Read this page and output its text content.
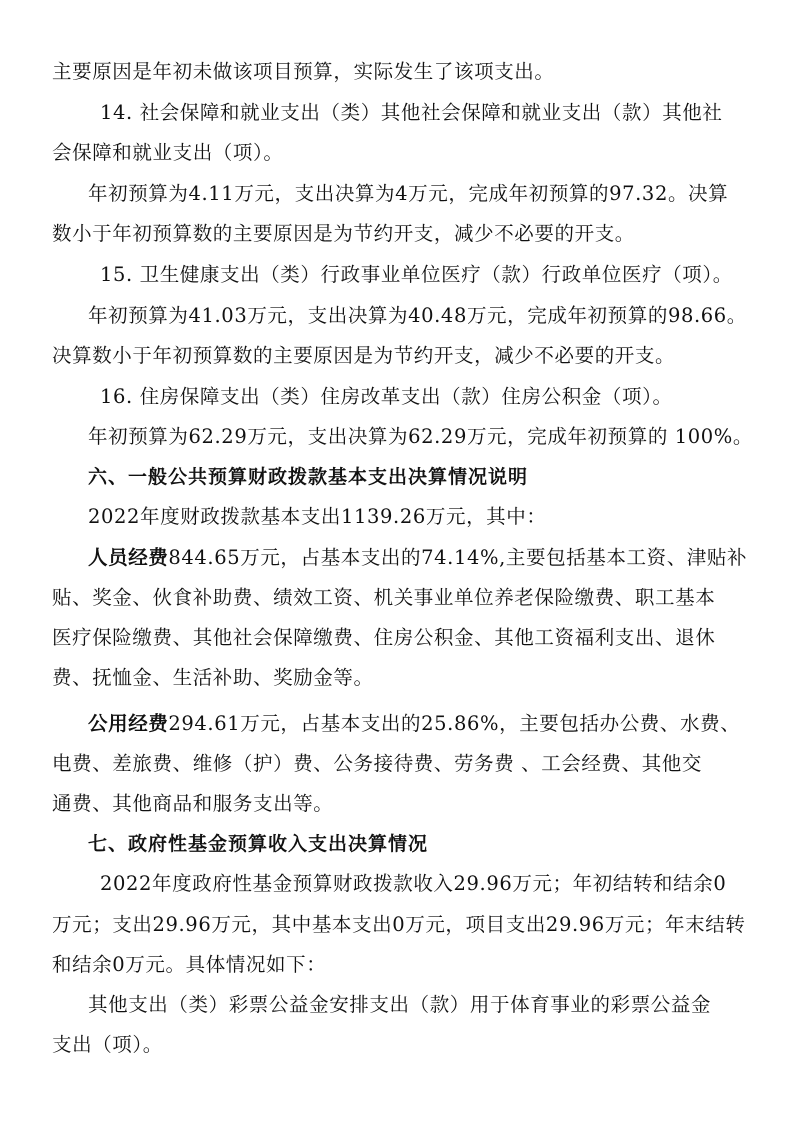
主要原因是年初未做该项目预算，实际发生了该项支出。
14. 社会保障和就业支出（类）其他社会保障和就业支出（款）其他社
会保障和就业支出（项）。
年初预算为4.11万元，支出决算为4万元，完成年初预算的97.32。决算
数小于年初预算数的主要原因是为节约开支，减少不必要的开支。
15. 卫生健康支出（类）行政事业单位医疗（款）行政单位医疗（项）。
年初预算为41.03万元，支出决算为40.48万元，完成年初预算的98.66。
决算数小于年初预算数的主要原因是为节约开支，减少不必要的开支。
16. 住房保障支出（类）住房改革支出（款）住房公积金（项）。
年初预算为62.29万元，支出决算为62.29万元，完成年初预算的 100%。
六、一般公共预算财政拨款基本支出决算情况说明
2022年度财政拨款基本支出1139.26万元，其中：
人员经费844.65万元，占基本支出的74.14%,主要包括基本工资、津贴补
贴、奖金、伙食补助费、绩效工资、机关事业单位养老保险缴费、职工基本
医疗保险缴费、其他社会保障缴费、住房公积金、其他工资福利支出、退休
费、抚恤金、生活补助、奖励金等。
公用经费294.61万元，占基本支出的25.86%，主要包括办公费、水费、
电费、差旅费、维修（护）费、公务接待费、劳务费 、工会经费、其他交
通费、其他商品和服务支出等。
七、政府性基金预算收入支出决算情况
2022年度政府性基金预算财政拨款收入29.96万元；年初结转和结余0
万元；支出29.96万元，其中基本支出0万元，项目支出29.96万元；年末结转
和结余0万元。具体情况如下：
其他支出（类）彩票公益金安排支出（款）用于体育事业的彩票公益金
支出（项）。
